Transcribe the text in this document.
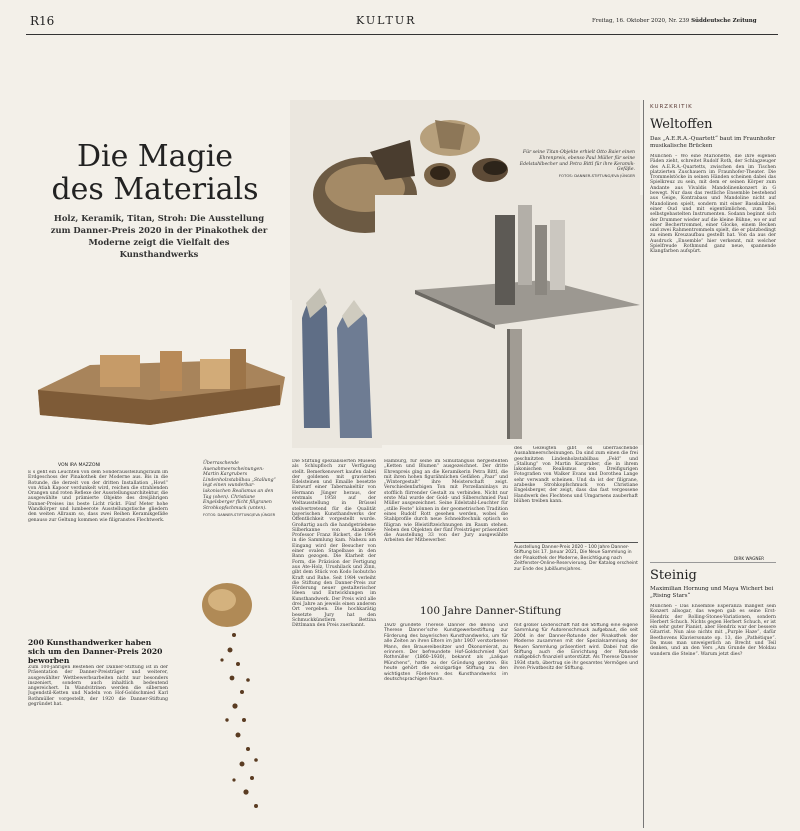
R16	KULTUR	Freitag, 16. Oktober 2020, Nr. 239 Süddeutsche Zeitung
Die Magie
des Materials
Holz, Keramik, Titan, Stroh: Die Ausstellung zum Danner-Preis 2020 in der Pinakothek der Moderne zeigt die Vielfalt des Kunsthandwerks
Für seine Titan-Objekte erhielt Otto Baier einen Ehrenpreis, ebenso Paul Müller für seine Edelstahlbecher und Petra Bittl für ihre Keramik-Gefäße.
FOTOS: DANNER-STIFTUNG/EVA JÜNGER
Überraschende Auenahmeerscheinungen: Martin Kargrubers Lindenholzstabilbau „Stallung“ legt einen wunderbar-lakonischen Realismus an den Tag (oben). Christiane Engelsberger flicht filigranen Strohkopfschmuck (unten).
FOTOS: DANNER-STIFTUNG/EVA JÜNGER
VON IRA MAZZONI

E s geht ein Leuchten von dem Sonderausstellungsraum im Erdgeschoss der Pinakothek der Moderne aus. Bis in die Rotunde, die derzeit von der dritten Installation „Howl“ von Atiah Kapoor verdunkelt wird, reichen die strahlenden Orangen und roten Reflexe der Ausstellungsarchitektur, die ausgewählte und prämierte Objekte des dreijährigen Danner-Preises ins beste Licht rückt. Fünf Meter hohe Wandkörper und lumbeerote Ausstellungstische gliedern den weiten Allraum so, dass zwei Reihen Keramikgefäße genauso zur Geltung kommen wie filigranstes Flechtwerk.

200 Kunsthandwerker haben sich um den Danner-Preis 2020 beworben

Zum 100-jährigen Bestehen der Danner-Stiftung ist in der Präsentation der Danner-Preisträger und weiterer, ausgewählter Wettbewerbsarbeiten nicht nur besonders inszeniert, sondern auch inhaltlich bedeutend angereichert. In Wandvitrinen werden die silbernen Jugendstil-Ketten und Nadeln von Hof-Goldschmied Karl Rothmüller vorgestellt, der 1920 die Danner-Stiftung gegründet hat.

Die Stiftung spezialisierten Museen als Schlupfloch zur Verfügung stellt. Bemerkenswert kaufen dabei der goldenen mit gravierten Edelsteinen und Emaille besetzte Entwurf einer Tabernakeltür von Hermann Jünger heraus, der erstmals 1958 auf der Weltausstellung in Brüssel stellvertretend für die Qualität bayerischen Kunsthandwerks der Öffentlichkeit vorgestellt wurde. Großartig auch die handgetriebene Silberkanne von Akademie-Professor Franz Rickert, die 1964 in die Sammlung kam. Nahezu am Eingang wird der Besucher von einer ovalen Stapelbase in den Bann gezogen. Die Klarheit der Form, die Präzision der Fertigung aus Ate-Holz, Urushilack und Zinn, gibt dem Stück von Kodo Isobutcho Kraft und Ruhe. Seit 1984 verleiht die Stiftung den Danner-Preis zur Förderung neuer gestalterischer Ideen und Entwicklungen im Kunsthandwerk. Der Preis wird alle drei Jahre an jeweils einen anderen Ort vergeben. Die hochkarätig besetzte Jury hat den Schmuckkünstlern Bettina Dittlmann den Preis zuerkannt.

Hamburg, für seine im Simultanguss hergestellten „Ketten und Blumen“ ausgezeichnet. Der dritte Ehrenpreis ging an die Keramikerin Petra Bittl, die mit ihren hohen figurähnlichen Gefäßen „Paar“ und „Wintergestalt“ ihre Meisterschaft zeigt. Verschiedenfarbigen Ton mit Porzellaninlays zu stofflich flirrender Gestalt zu verbinden. Nicht nur erste Mal wurde der Gold- und Silberschmied Paul Müller ausgezeichnet. Seine Edelstahl-Leuchter für „stille Feste“ können in der geometrischen Tradition eines Rudolf Rott gesehen werden, wobei die Stahlprofile durch neue Schneidtechnik optisch so filigran wie Bleistiftzeichnungen im Raum stehen. Neben den Objekten der fünf Preisträger präsentiert die Ausstellung 33 von der Jury ausgewählte Arbeiten der Mitbewerber.

des Gezeigten gibt es überraschende Ausnahmeerscheinungen. Da sind zum einen die frei geschnitzten Lindenholzstabilbau „Feld“ und „Stallung“ von Martin Kargruber, die in ihrem lakonischen Realismus den Dreifigurigen Fotografien von Walker Evans und Dorothea Lange sehr verwandt scheinen. Und da ist der filigrane, arabeske Strohkopfschmuck von Christiane Engelsberger, der zeigt, dass das fast vergessene Handwerk des Flechtens und Umgarnens zauberhaft blühen treiben kann.

Ausstellung Danner-Preis 2020 – 100 Jahre Danner-Stiftung bis 17. Januar 2021, Die Neue Sammlung in der Pinakothek der Moderne, Besichtigung nach Zeitfenster-Online-Reservierung. Der Katalog erscheint zur Ende des Jubiläumsjahres.
100 Jahre Danner-Stiftung

1920 gründete Therese Danner die Benno und Therese Danner’sche Kunstgewerbestiftung zur Förderung des bayerischen Kunsthandwerks, um für alle Zeiten an ihren Eltern im Jahr 1907 verstorbenen Mann, den Brauereibesitzer und Ökonomierat, zu erinnern. Der befreundete Hof-Goldschmied Karl Rothmüller (1860–1930), bekannt als „Lalique Münchens“, hatte zu der Gründung geraten. Bis heute gehört die einzigartige Stiftung zu den wichtigsten Förderern des Kunsthandwerks im deutschsprachigen Raum.

mit großer Leidenschaft hat die Stiftung eine eigene Sammlung für Autorenschmuck aufgebaut, die seit 2004 in der Danner-Rotunde der Pinakothek der Moderne zusammen mit der Spezialsammlung der Neuen Sammlung präsentiert wird. Dabei hat die Stiftung auch die Einrichtung der Rotunde maßgeblich finanziell unterstützt. Als Therese Danner 1934 starb, übertrug sie ihr gesamtes Vermögen und ihren Privatbesitz der Stiftung.

KURZKRITIK
Weltoffen
Das „A.E.R.A.-Quartett“ baut im Fraunhofer musikalische Brücken

München – Wo eine Marionette, die ihre eigenen Fäden zieht, schreitet Rudolf Roth, der Schlagzeuger des A.E.R.A.-Quartetts, zwischen den im Tischen platzierten Zuschauern im Fraunhofer-Theater. Die Trommelstöcke in seinen Händen scheinen dabei das Spielkreuz zu sein, mit dem er seinen Körper zum Andante aus Vivaldis Mandolinenkonzert in G bewegt. Nur dass das restliche Ensemble bestehend aus Geige, Kontrabass und Mandoline nicht auf Mandolinen spielt, sondern mit einer Basskalimbe, einer Oud und mit eigentümlichen, zum Teil selbstgebastelten Instrumenten. Sodann beginnt sich der Drummer wieder auf die kleine Bühne, wo er auf einer Bechertrommel, einer Glocke, einem Becken und zwei Rahmentrommeln spielt, die er platzbedingt zu einem Kreuzaufbau gestellt hat. Von da aus der Ausdruck „Ensemble“ hier verkennt, mit welcher Spielfreude Rothmund ganz neue, spannende Klangfarben aufspürt.

DIRK WAGNER
Steinig
Maximilian Hornung und Maya Wichert bei „Rising Stars“

München – Das Ensemble Esperanza mangelt sein Konzert allsogar, das wegen gab es seine Erst-Hendrix der Rolling-Stones-Variationen, sondern Herbert Schuch. Nichts gegen Herbert Schuch, er ist ein sehr guter Pianist, aber Hendrix war der bessere Gitarrist. Nun also nichts mit „Purple Haze“, dafür Beethovens Klaviersonate op. 13, die „Pathétique“. Da muss man unweigerlich an Brecht und Teil denken, und an den Vers „Am Grunde der Moldau wandern die Steine“. Warum jetzt dies?
